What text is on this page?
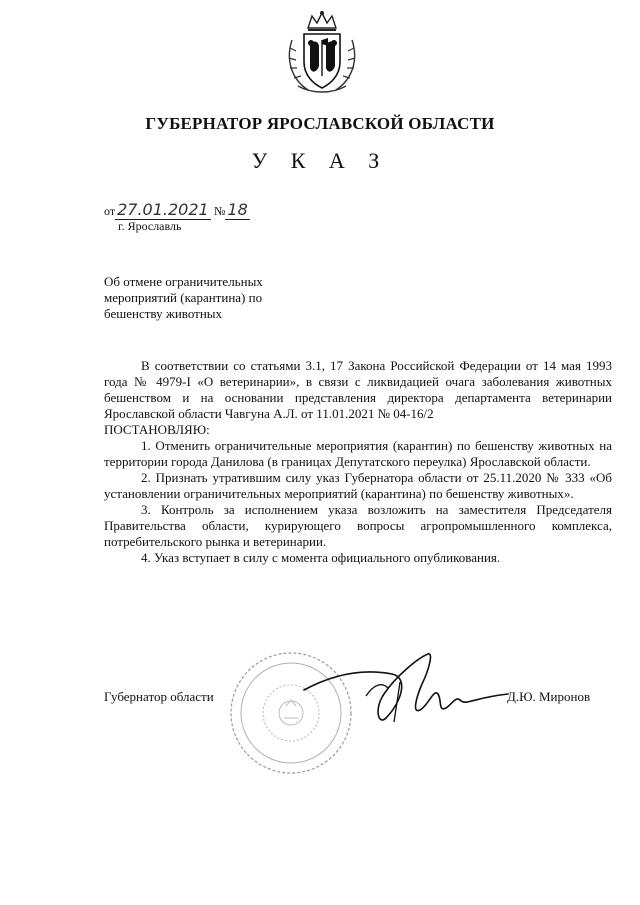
ГУБЕРНАТОР ЯРОСЛАВСКОЙ ОБЛАСТИ
У К А З
от 27.01.2021 № 18
г. Ярославль
Об отмене ограничительных
мероприятий (карантина) по
бешенству животных

В соответствии со статьями 3.1, 17 Закона Российской Федерации от 14 мая 1993 года № 4979-I «О ветеринарии», в связи с ликвидацией очага заболевания животных бешенством и на основании представления директора департамента ветеринарии Ярославской области Чавгуна А.Л. от 11.01.2021 № 04-16/2

ПОСТАНОВЛЯЮ:

1. Отменить ограничительные мероприятия (карантин) по бешенству животных на территории города Данилова (в границах Депутатского переулка) Ярославской области.

2. Признать утратившим силу указ Губернатора области от 25.11.2020 № 333 «Об установлении ограничительных мероприятий (карантина) по бешенству животных».

3. Контроль за исполнением указа возложить на заместителя Председателя Правительства области, курирующего вопросы агропромышленного комплекса, потребительского рынка и ветеринарии.

4. Указ вступает в силу с момента официального опубликования.

Губернатор области	Д.Ю. Миронов
